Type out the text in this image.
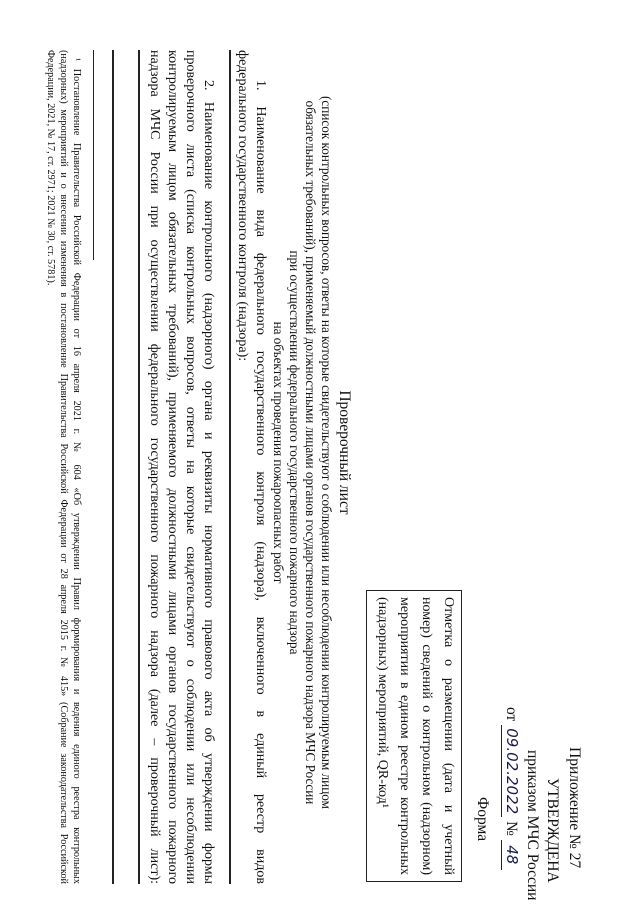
Приложение № 27
УТВЕРЖДЕНА
приказом МЧС России
от 09.02.2022 № 48
Форма
Отметка о размещении (дата и учетный
номер) сведений о контрольном (надзорном)
мероприятии в едином реестре контрольных
(надзорных) мероприятий, QR-код¹
Проверочный лист
(список контрольных вопросов, ответы на которые свидетельствуют о соблюдении или несоблюдении контролируемым лицом
обязательных требований), применяемый должностными лицами органов государственного пожарного надзора МЧС России
при осуществлении федерального государственного пожарного надзора
на объектах проведения пожароопасных работ
1. Наименование вида федерального государственного контроля (надзора), включенного в единый реестр видов
федерального государственного контроля (надзора):
2. Наименование контрольного (надзорного) органа и реквизиты нормативного правового акта об утверждении формы
проверочного листа (списка контрольных вопросов, ответы на которые свидетельствуют о соблюдении или несоблюдении
контролируемым лицом обязательных требований), применяемого должностными лицами органов государственного пожарного
надзора МЧС России при осуществлении федерального государственного пожарного надзора (далее – проверочный лист):
¹ Постановление Правительства Российской Федерации от 16 апреля 2021 г. № 604 «Об утверждении Правил формирования и ведения единого реестра контрольных
(надзорных) мероприятий и о внесении изменения в постановление Правительства Российской Федерации от 28 апреля 2015 г. № 415» (Собрание законодательства Российской
Федерации, 2021, № 17, ст. 2971; 2021 № 30, ст. 5781).
